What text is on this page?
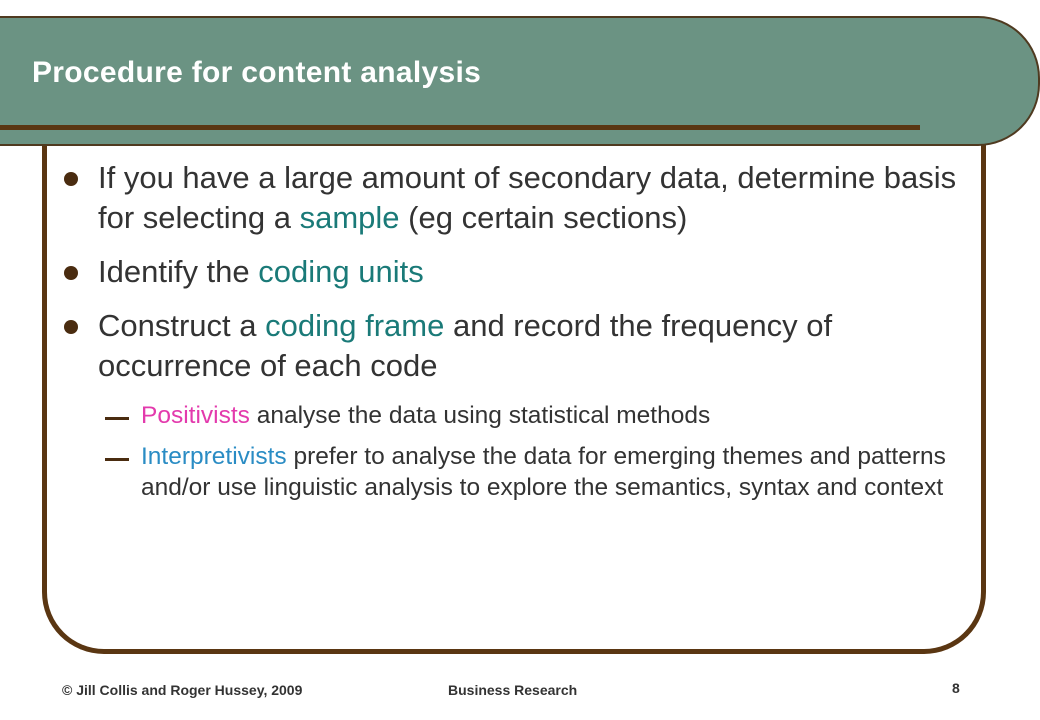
Procedure for content analysis
If you have a large amount of secondary data, determine basis for selecting a sample (eg certain sections)
Identify the coding units
Construct a coding frame and record the frequency of occurrence of each code
Positivists analyse the data using statistical methods
Interpretivists prefer to analyse the data for emerging themes and patterns and/or use linguistic analysis to explore the semantics, syntax and context
© Jill Collis and Roger Hussey, 2009	Business Research	8
